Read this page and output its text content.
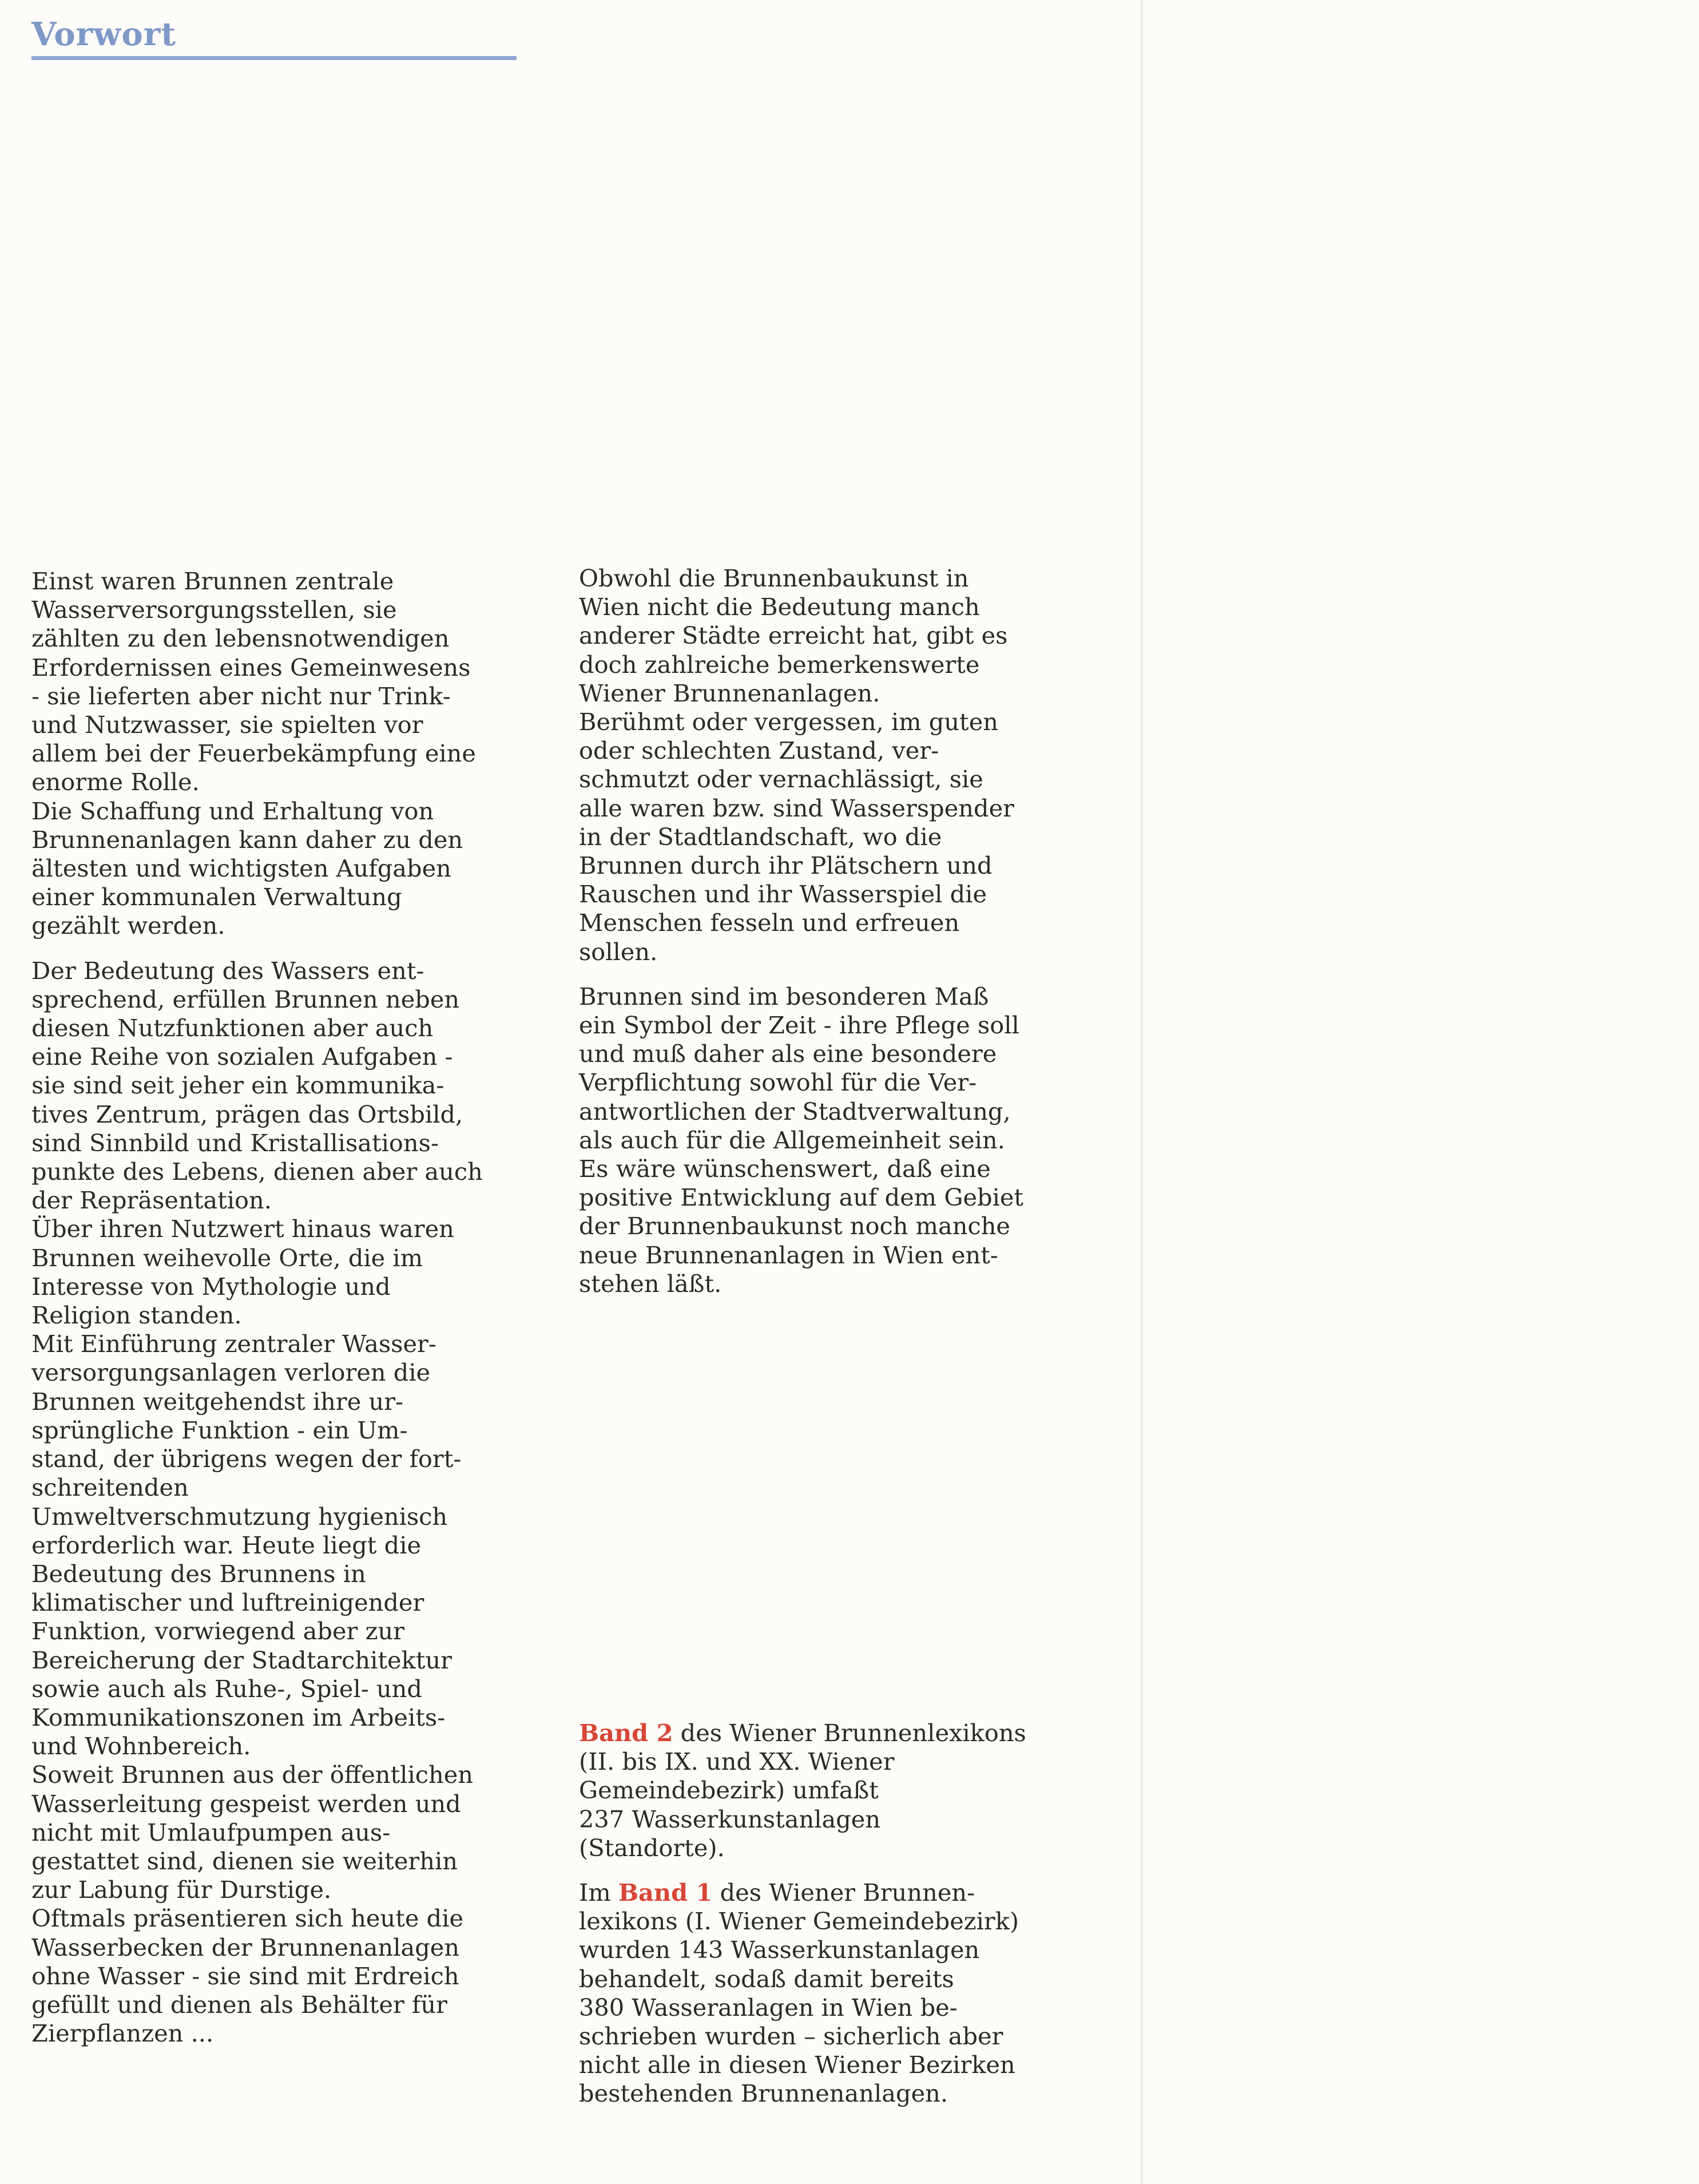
Vorwort

Einst waren Brunnen zentrale

Wasserversorgungsstellen, sie

zählten zu den lebensnotwendigen

Erfordernissen eines Gemeinwesens

- sie lieferten aber nicht nur Trink-

und Nutzwasser, sie spielten vor

allem bei der Feuerbekämpfung eine

enorme Rolle.

Die Schaffung und Erhaltung von

Brunnenanlagen kann daher zu den

ältesten und wichtigsten Aufgaben

einer kommunalen Verwaltung

gezählt werden.

Der Bedeutung des Wassers ent-

sprechend, erfüllen Brunnen neben

diesen Nutzfunktionen aber auch

eine Reihe von sozialen Aufgaben -

sie sind seit jeher ein kommunika-

tives Zentrum, prägen das Ortsbild,

sind Sinnbild und Kristallisations-

punkte des Lebens, dienen aber auch

der Repräsentation.

Über ihren Nutzwert hinaus waren

Brunnen weihevolle Orte, die im

Interesse von Mythologie und

Religion standen.

Mit Einführung zentraler Wasser-

versorgungsanlagen verloren die

Brunnen weitgehendst ihre ur-

sprüngliche Funktion - ein Um-

stand, der übrigens wegen der fort-

schreitenden

Umweltverschmutzung hygienisch

erforderlich war. Heute liegt die

Bedeutung des Brunnens in

klimatischer und luftreinigender

Funktion, vorwiegend aber zur

Bereicherung der Stadtarchitektur

sowie auch als Ruhe-, Spiel- und

Kommunikationszonen im Arbeits-

und Wohnbereich.

Soweit Brunnen aus der öffentlichen

Wasserleitung gespeist werden und

nicht mit Umlaufpumpen aus-

gestattet sind, dienen sie weiterhin

zur Labung für Durstige.

Oftmals präsentieren sich heute die

Wasserbecken der Brunnenanlagen

ohne Wasser - sie sind mit Erdreich

gefüllt und dienen als Behälter für

Zierpflanzen ...

Obwohl die Brunnenbaukunst in

Wien nicht die Bedeutung manch

anderer Städte erreicht hat, gibt es

doch zahlreiche bemerkenswerte

Wiener Brunnenanlagen.

Berühmt oder vergessen, im guten

oder schlechten Zustand, ver-

schmutzt oder vernachlässigt, sie

alle waren bzw. sind Wasserspender

in der Stadtlandschaft, wo die

Brunnen durch ihr Plätschern und

Rauschen und ihr Wasserspiel die

Menschen fesseln und erfreuen

sollen.

Brunnen sind im besonderen Maß

ein Symbol der Zeit - ihre Pflege soll

und muß daher als eine besondere

Verpflichtung sowohl für die Ver-

antwortlichen der Stadtverwaltung,

als auch für die Allgemeinheit sein.

Es wäre wünschenswert, daß eine

positive Entwicklung auf dem Gebiet

der Brunnenbaukunst noch manche

neue Brunnenanlagen in Wien ent-

stehen läßt.

Band 2 des Wiener Brunnenlexikons

(II. bis IX. und XX. Wiener

Gemeindebezirk) umfaßt

237 Wasserkunstanlagen

(Standorte).

Im Band 1 des Wiener Brunnen-

lexikons (I. Wiener Gemeindebezirk)

wurden 143 Wasserkunstanlagen

behandelt, sodaß damit bereits

380 Wasseranlagen in Wien be-

schrieben wurden – sicherlich aber

nicht alle in diesen Wiener Bezirken

bestehenden Brunnenanlagen.
